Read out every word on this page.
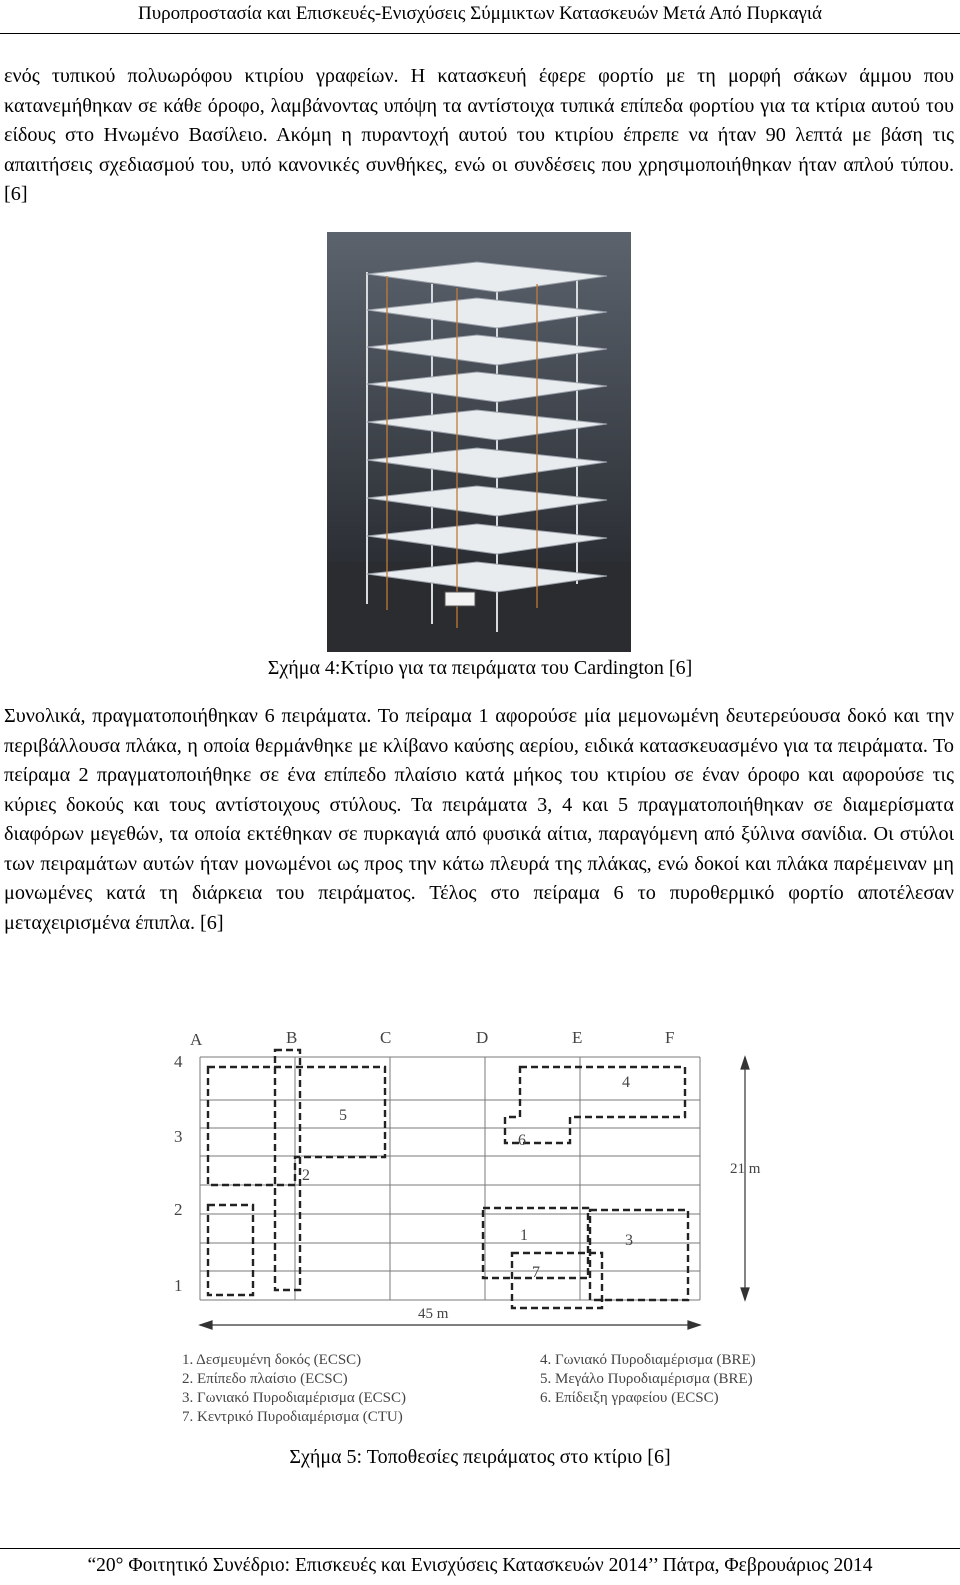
Πυροπροστασία και Επισκευές-Ενισχύσεις Σύμμικτων Κατασκευών Μετά Από Πυρκαγιά

ενός τυπικού πολυωρόφου κτιρίου γραφείων. Η κατασκευή έφερε φορτίο με τη μορφή σάκων άμμου που κατανεμήθηκαν σε κάθε όροφο, λαμβάνοντας υπόψη τα αντίστοιχα τυπικά επίπεδα φορτίου για τα κτίρια αυτού του είδους στο Ηνωμένο Βασίλειο. Ακόμη η πυραντοχή αυτού του κτιρίου έπρεπε να ήταν 90 λεπτά με βάση τις απαιτήσεις σχεδιασμού του, υπό κανονικές συνθήκες, ενώ οι συνδέσεις που χρησιμοποιήθηκαν ήταν απλού τύπου.[6]

Σχήμα 4:Κτίριο για τα πειράματα του Cardington [6]

Συνολικά, πραγματοποιήθηκαν 6 πειράματα. Το πείραμα 1 αφορούσε μία μεμονωμένη δευτερεύουσα δοκό και την περιβάλλουσα πλάκα, η οποία θερμάνθηκε με κλίβανο καύσης αερίου, ειδικά κατασκευασμένο για τα πειράματα. Το πείραμα 2 πραγματοποιήθηκε σε ένα επίπεδο πλαίσιο κατά μήκος του κτιρίου σε έναν όροφο και αφορούσε τις κύριες δοκούς και τους αντίστοιχους στύλους. Τα πειράματα 3, 4 και 5 πραγματοποιήθηκαν σε διαμερίσματα διαφόρων μεγεθών, τα οποία εκτέθηκαν σε πυρκαγιά από φυσικά αίτια, παραγόμενη από ξύλινα σανίδια. Οι στύλοι των πειραμάτων αυτών ήταν μονωμένοι ως προς την κάτω πλευρά της πλάκας, ενώ δοκοί και πλάκα παρέμειναν μη μονωμένες κατά τη διάρκεια του πειράματος. Τέλος στο πείραμα 6 το πυροθερμικό φορτίο αποτέλεσαν μεταχειρισμένα έπιπλα. [6]

A	B	C	D	E	F
4
3
2
1
5
2
4
6
1
7
3
21 m
45 m
1. Δεσμευμένη δοκός (ECSC)
2. Επίπεδο πλαίσιο (ECSC)
3. Γωνιακό Πυροδιαμέρισμα (ECSC)
7. Κεντρικό Πυροδιαμέρισμα (CTU)
4. Γωνιακό Πυροδιαμέρισμα (BRE)
5. Μεγάλο Πυροδιαμέρισμα (BRE)
6. Επίδειξη γραφείου (ECSC)
Σχήμα 5: Τοποθεσίες πειράματος στο κτίριο [6]
“20° Φοιτητικό Συνέδριο: Επισκευές και Ενισχύσεις Κατασκευών 2014’’ Πάτρα, Φεβρουάριος 2014
